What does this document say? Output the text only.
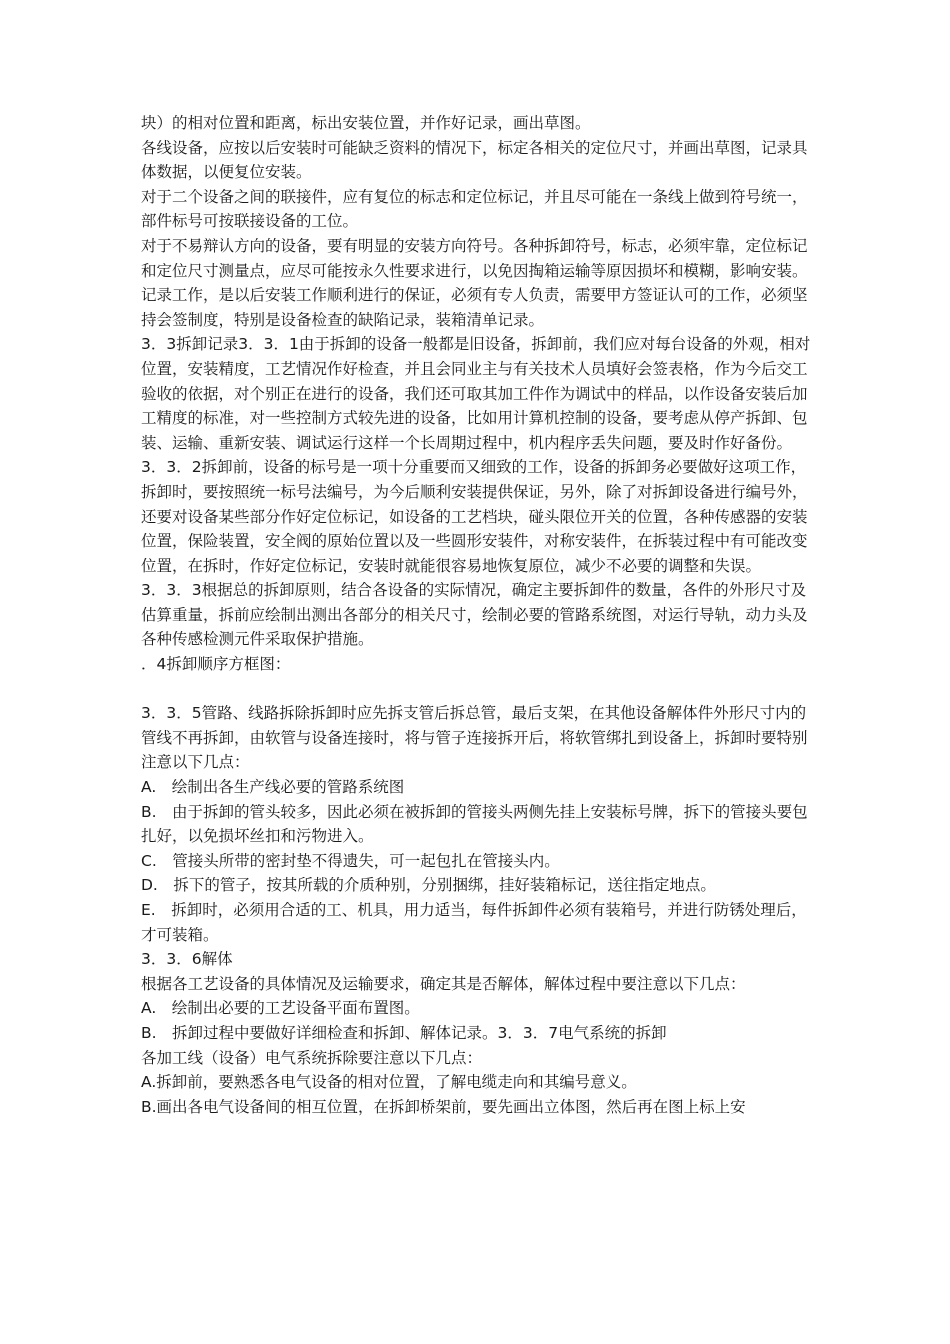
块）的相对位置和距离，标出安装位置，并作好记录，画出草图。

各线设备，应按以后安装时可能缺乏资料的情况下，标定各相关的定位尺寸，并画出草图，记录具体数据，以便复位安装。

对于二个设备之间的联接件，应有复位的标志和定位标记，并且尽可能在一条线上做到符号统一，部件标号可按联接设备的工位。

对于不易辩认方向的设备，要有明显的安装方向符号。各种拆卸符号，标志，必须牢靠，定位标记和定位尺寸测量点，应尽可能按永久性要求进行，以免因掏箱运输等原因损坏和模糊，影响安装。

记录工作，是以后安装工作顺利进行的保证，必须有专人负责，需要甲方签证认可的工作，必须坚持会签制度，特别是设备检查的缺陷记录，装箱清单记录。

3．3拆卸记录3．3．1由于拆卸的设备一般都是旧设备，拆卸前，我们应对每台设备的外观，相对位置，安装精度，工艺情况作好检查，并且会同业主与有关技术人员填好会签表格，作为今后交工验收的依据，对个别正在进行的设备，我们还可取其加工件作为调试中的样品，以作设备安装后加工精度的标准，对一些控制方式较先进的设备，比如用计算机控制的设备，要考虑从停产拆卸、包装、运输、重新安装、调试运行这样一个长周期过程中，机内程序丢失问题，要及时作好备份。

3．3．2拆卸前，设备的标号是一项十分重要而又细致的工作，设备的拆卸务必要做好这项工作，拆卸时，要按照统一标号法编号，为今后顺利安装提供保证，另外，除了对拆卸设备进行编号外，还要对设备某些部分作好定位标记，如设备的工艺档块，碰头限位开关的位置，各种传感器的安装位置，保险装置，安全阀的原始位置以及一些圆形安装件，对称安装件，在拆装过程中有可能改变位置，在拆时，作好定位标记，安装时就能很容易地恢复原位，减少不必要的调整和失误。

3．3．3根据总的拆卸原则，结合各设备的实际情况，确定主要拆卸件的数量，各件的外形尺寸及估算重量，拆前应绘制出测出各部分的相关尺寸，绘制必要的管路系统图，对运行导轨，动力头及各种传感检测元件采取保护措施。

．4拆卸顺序方框图：

3．3．5管路、线路拆除拆卸时应先拆支管后拆总管，最后支架，在其他设备解体件外形尺寸内的管线不再拆卸，由软管与设备连接时，将与管子连接拆开后，将软管绑扎到设备上，拆卸时要特别注意以下几点：

A.　绘制出各生产线必要的管路系统图

B.　由于拆卸的管头较多，因此必须在被拆卸的管接头两侧先挂上安装标号牌，拆下的管接头要包扎好，以免损坏丝扣和污物进入。

C.　管接头所带的密封垫不得遗失，可一起包扎在管接头内。

D.　拆下的管子，按其所载的介质种别，分别捆绑，挂好装箱标记，送往指定地点。

E.　拆卸时，必须用合适的工、机具，用力适当，每件拆卸件必须有装箱号，并进行防锈处理后，才可装箱。

3．3．6解体

根据各工艺设备的具体情况及运输要求，确定其是否解体，解体过程中要注意以下几点：

A.　绘制出必要的工艺设备平面布置图。

B.　拆卸过程中要做好详细检查和拆卸、解体记录。3．3．7电气系统的拆卸

各加工线（设备）电气系统拆除要注意以下几点：

A.拆卸前，要熟悉各电气设备的相对位置，了解电缆走向和其编号意义。

B.画出各电气设备间的相互位置，在拆卸桥架前，要先画出立体图，然后再在图上标上安
